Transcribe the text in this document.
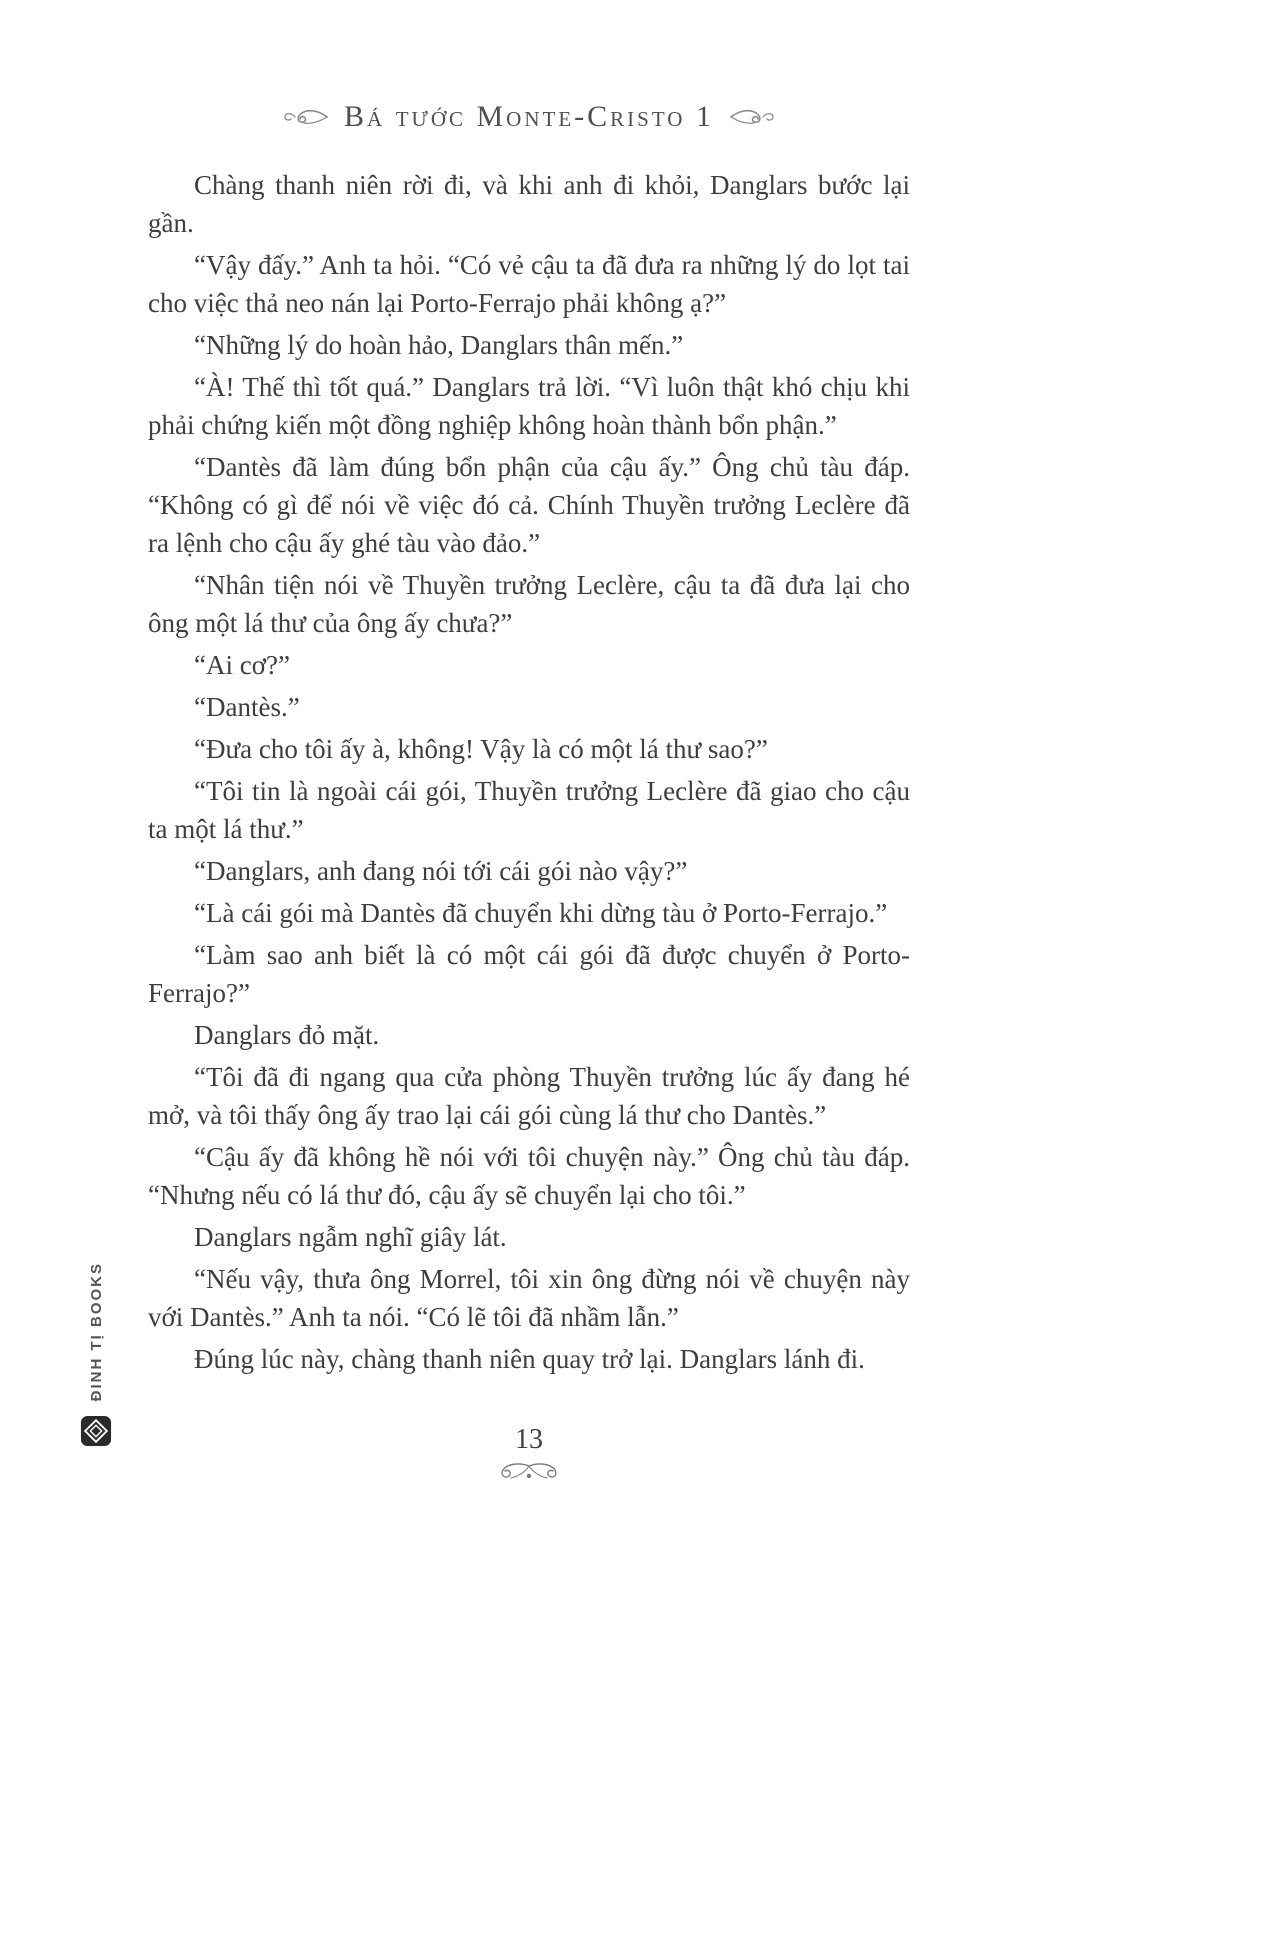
Bá tước Monte-Cristo 1

Chàng thanh niên rời đi, và khi anh đi khỏi, Danglars bước lại gần.

“Vậy đấy.” Anh ta hỏi. “Có vẻ cậu ta đã đưa ra những lý do lọt tai cho việc thả neo nán lại Porto-Ferrajo phải không ạ?”

“Những lý do hoàn hảo, Danglars thân mến.”

“À! Thế thì tốt quá.” Danglars trả lời. “Vì luôn thật khó chịu khi phải chứng kiến một đồng nghiệp không hoàn thành bổn phận.”

“Dantès đã làm đúng bổn phận của cậu ấy.” Ông chủ tàu đáp. “Không có gì để nói về việc đó cả. Chính Thuyền trưởng Leclère đã ra lệnh cho cậu ấy ghé tàu vào đảo.”

“Nhân tiện nói về Thuyền trưởng Leclère, cậu ta đã đưa lại cho ông một lá thư của ông ấy chưa?”

“Ai cơ?”

“Dantès.”

“Đưa cho tôi ấy à, không! Vậy là có một lá thư sao?”

“Tôi tin là ngoài cái gói, Thuyền trưởng Leclère đã giao cho cậu ta một lá thư.”

“Danglars, anh đang nói tới cái gói nào vậy?”

“Là cái gói mà Dantès đã chuyển khi dừng tàu ở Porto-Ferrajo.”

“Làm sao anh biết là có một cái gói đã được chuyển ở Porto-Ferrajo?”

Danglars đỏ mặt.

“Tôi đã đi ngang qua cửa phòng Thuyền trưởng lúc ấy đang hé mở, và tôi thấy ông ấy trao lại cái gói cùng lá thư cho Dantès.”

“Cậu ấy đã không hề nói với tôi chuyện này.” Ông chủ tàu đáp. “Nhưng nếu có lá thư đó, cậu ấy sẽ chuyển lại cho tôi.”

Danglars ngẫm nghĩ giây lát.

“Nếu vậy, thưa ông Morrel, tôi xin ông đừng nói về chuyện này với Dantès.” Anh ta nói. “Có lẽ tôi đã nhầm lẫn.”

Đúng lúc này, chàng thanh niên quay trở lại. Danglars lánh đi.

ĐINH TỊ BOOKS
13
